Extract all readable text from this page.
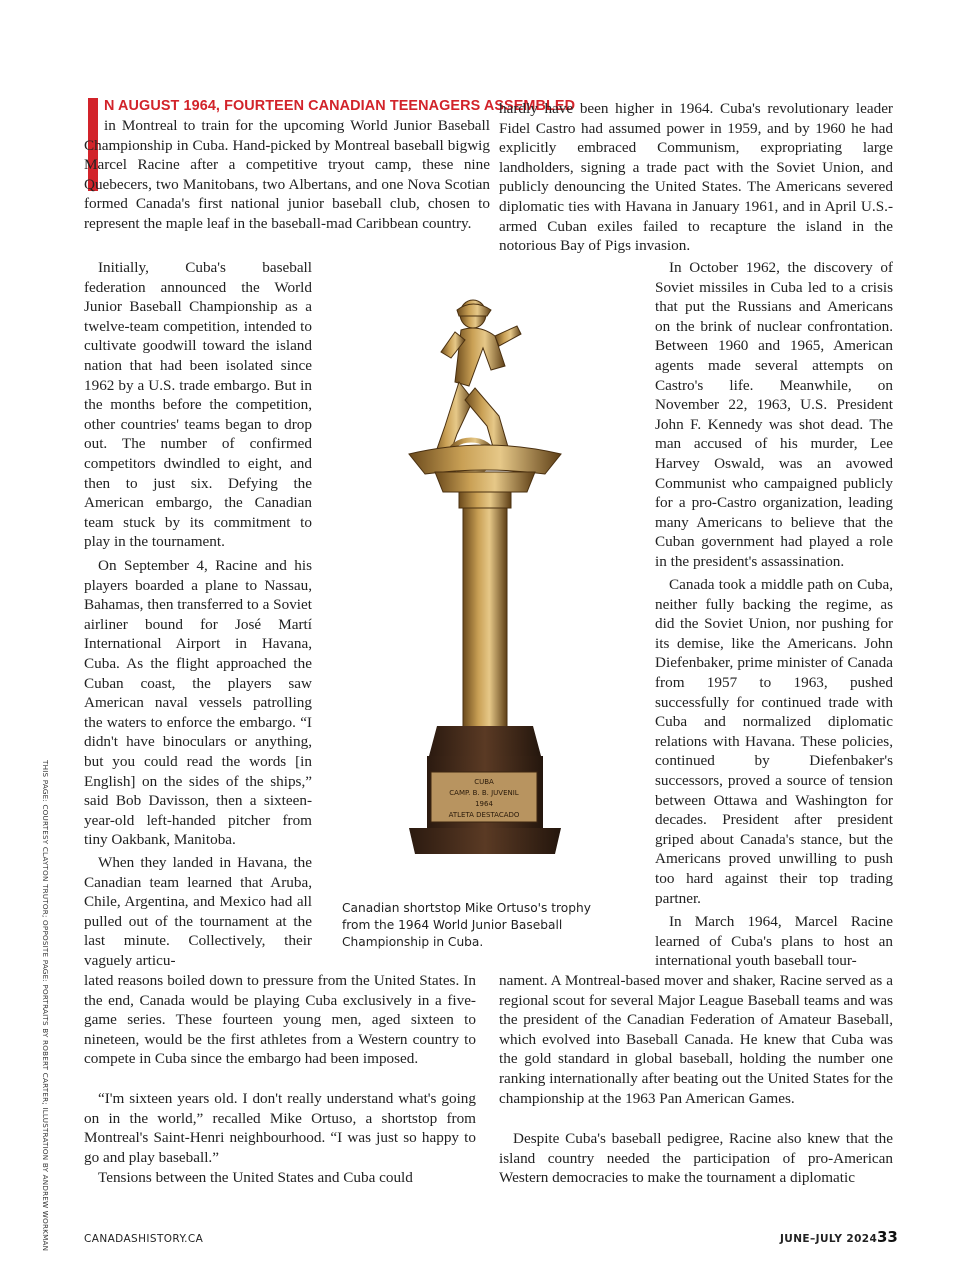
N AUGUST 1964, FOURTEEN CANADIAN TEENAGERS ASSEMBLED

in Montreal to train for the upcoming World Junior Baseball Championship in Cuba. Hand-picked by Montreal baseball bigwig Marcel Racine after a competitive tryout camp, these nine Quebecers, two Manitobans, two Albertans, and one Nova Scotian formed Canada's first national junior baseball club, chosen to represent the maple leaf in the baseball-mad Caribbean country.

Initially, Cuba's baseball federation announced the World Junior Baseball Championship as a twelve-team competition, intended to cultivate goodwill toward the island nation that had been isolated since 1962 by a U.S. trade embargo. But in the months before the competition, other countries' teams began to drop out. The number of confirmed competitors dwindled to eight, and then to just six. Defying the American embargo, the Canadian team stuck by its commitment to play in the tournament.

On September 4, Racine and his players boarded a plane to Nassau, Bahamas, then transferred to a Soviet airliner bound for José Martí International Airport in Havana, Cuba. As the flight approached the Cuban coast, the players saw American naval vessels patrolling the waters to enforce the embargo. “I didn't have binoculars or anything, but you could read the words [in English] on the sides of the ships,” said Bob Davisson, then a sixteen-year-old left-handed pitcher from tiny Oakbank, Manitoba.

When they landed in Havana, the Canadian team learned that Aruba, Chile, Argentina, and Mexico had all pulled out of the tournament at the last minute. Collectively, their vaguely articu-

lated reasons boiled down to pressure from the United States. In the end, Canada would be playing Cuba exclusively in a five-game series. These fourteen young men, aged sixteen to nineteen, would be the first athletes from a Western country to compete in Cuba since the embargo had been imposed.

“I'm sixteen years old. I don't really understand what's going on in the world,” recalled Mike Ortuso, a shortstop from Montreal's Saint-Henri neighbourhood. “I was just so happy to go and play baseball.”

Tensions between the United States and Cuba could

hardly have been higher in 1964. Cuba's revolutionary leader Fidel Castro had assumed power in 1959, and by 1960 he had explicitly embraced Communism, expropriating large landholders, signing a trade pact with the Soviet Union, and publicly denouncing the United States. The Americans severed diplomatic ties with Havana in January 1961, and in April U.S.-armed Cuban exiles failed to recapture the island in the notorious Bay of Pigs invasion.

In October 1962, the discovery of Soviet missiles in Cuba led to a crisis that put the Russians and Americans on the brink of nuclear confrontation. Between 1960 and 1965, American agents made several attempts on Castro's life. Meanwhile, on November 22, 1963, U.S. President John F. Kennedy was shot dead. The man accused of his murder, Lee Harvey Oswald, was an avowed Communist who campaigned publicly for a pro-Castro organization, leading many Americans to believe that the Cuban government had played a role in the president's assassination.

Canada took a middle path on Cuba, neither fully backing the regime, as did the Soviet Union, nor pushing for its demise, like the Americans. John Diefenbaker, prime minister of Canada from 1957 to 1963, pushed successfully for continued trade with Cuba and normalized diplomatic relations with Havana. These policies, continued by Diefenbaker's successors, proved a source of tension between Ottawa and Washington for decades. President after president griped about Canada's stance, but the Americans proved unwilling to push too hard against their top trading partner.

In March 1964, Marcel Racine learned of Cuba's plans to host an international youth baseball tour-

nament. A Montreal-based mover and shaker, Racine served as a regional scout for several Major League Baseball teams and was the president of the Canadian Federation of Amateur Baseball, which evolved into Baseball Canada. He knew that Cuba was the gold standard in global baseball, holding the number one ranking internationally after beating out the United States for the championship at the 1963 Pan American Games.

Despite Cuba's baseball pedigree, Racine also knew that the island country needed the participation of pro-American Western democracies to make the tournament a diplomatic

CUBA
CAMP. B. B. JUVENIL
1964
ATLETA DESTACADO
Canadian shortstop Mike Ortuso's trophy from the 1964 World Junior Baseball Championship in Cuba.
THIS PAGE: COURTESY CLAYTON TRUTOR; OPPOSITE PAGE: PORTRAITS BY ROBERT CARTER; ILLUSTRATION BY ANDREW WORKMAN	CANADASHISTORY.CA	JUNE–JULY 2024 33
